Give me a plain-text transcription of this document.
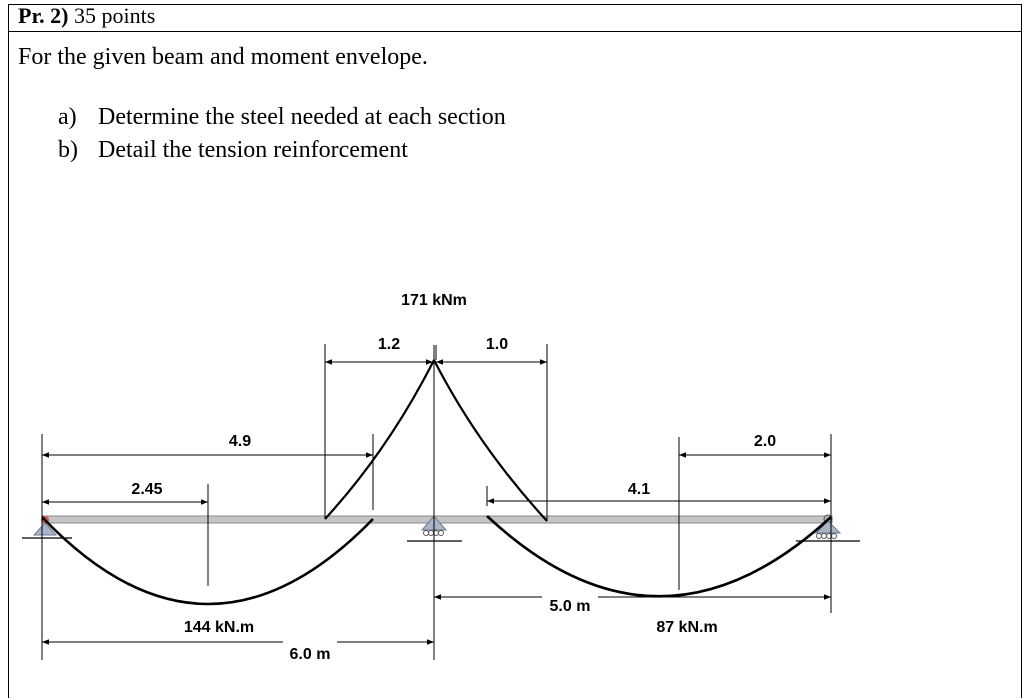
Pr. 2) 35 points
For the given beam and moment envelope.
a) Determine the steel needed at each section
b) Detail the tension reinforcement
171 kNm
1.2	1.0
4.9
2.45
2.0
4.1
5.0 m
144 kN.m	87 kN.m
6.0 m
